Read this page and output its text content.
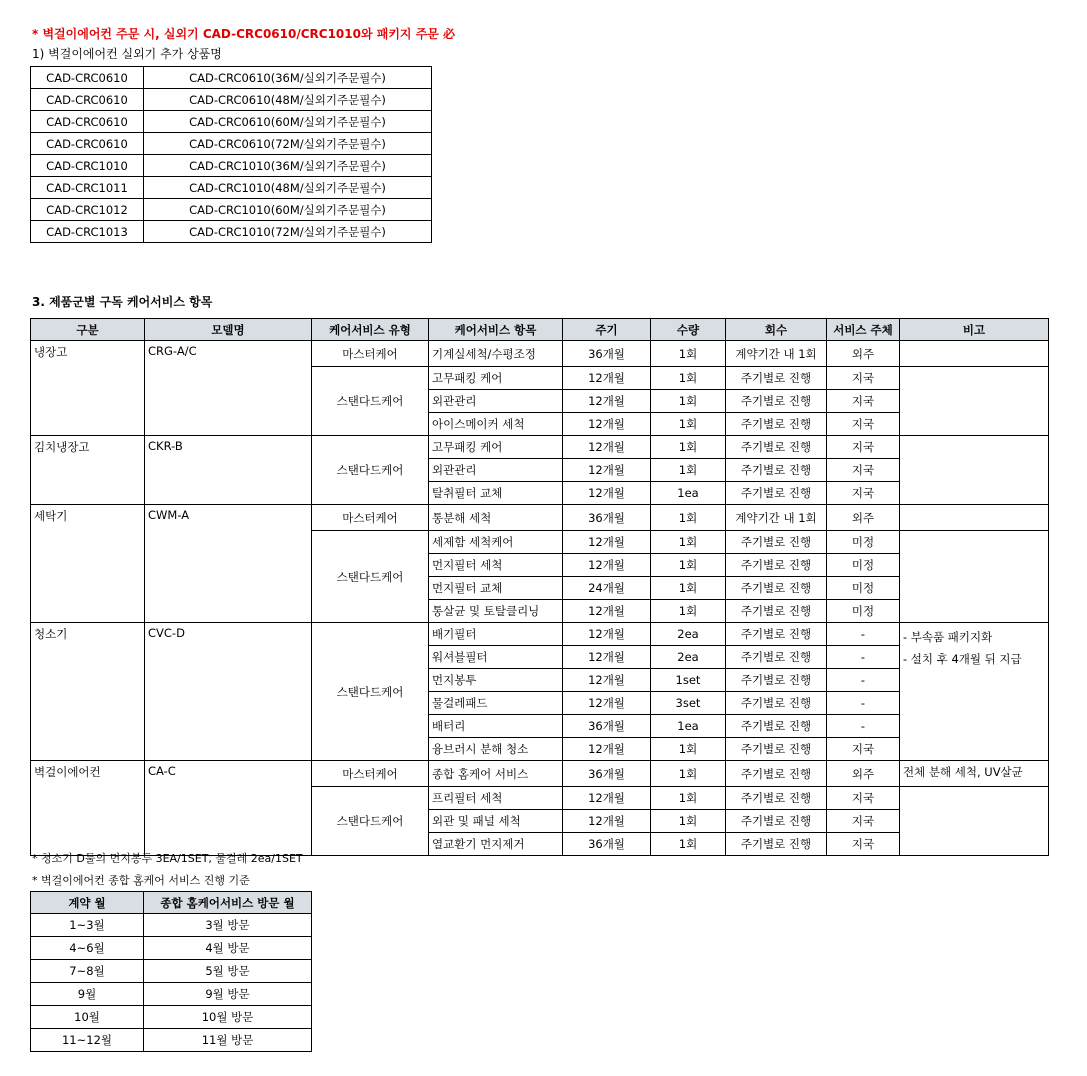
* 벽걸이에어컨 주문 시, 실외기 CAD-CRC0610/CRC1010와 패키지 주문 必
1) 벽걸이에어컨 실외기 추가 상품명
CAD-CRC0610	CAD-CRC0610(36M/실외기주문필수)
CAD-CRC0610	CAD-CRC0610(48M/실외기주문필수)
CAD-CRC0610	CAD-CRC0610(60M/실외기주문필수)
CAD-CRC0610	CAD-CRC0610(72M/실외기주문필수)
CAD-CRC1010	CAD-CRC1010(36M/실외기주문필수)
CAD-CRC1011	CAD-CRC1010(48M/실외기주문필수)
CAD-CRC1012	CAD-CRC1010(60M/실외기주문필수)
CAD-CRC1013	CAD-CRC1010(72M/실외기주문필수)
3. 제품군별 구독 케어서비스 항목
구분	모델명	케어서비스 유형	케어서비스 항목	주기	수량	회수	서비스 주체	비고
냉장고	CRG-A/C	마스터케어	기계실세척/수평조정	36개월	1회	계약기간 내 1회	외주	
		스탠다드케어	고무패킹 케어	12개월	1회	주기별로 진행	지국	
			외관관리	12개월	1회	주기별로 진행	지국	
			아이스메이커 세척	12개월	1회	주기별로 진행	지국	
김치냉장고	CKR-B	스탠다드케어	고무패킹 케어	12개월	1회	주기별로 진행	지국	
			외관관리	12개월	1회	주기별로 진행	지국	
			탈취필터 교체	12개월	1ea	주기별로 진행	지국	
세탁기	CWM-A	마스터케어	통분해 세척	36개월	1회	계약기간 내 1회	외주	
		스탠다드케어	세제함 세척케어	12개월	1회	주기별로 진행	미정	
			먼지필터 세척	12개월	1회	주기별로 진행	미정	
			먼지필터 교체	24개월	1회	주기별로 진행	미정	
			통살균 및 토탈클리닝	12개월	1회	주기별로 진행	미정	
청소기	CVC-D	스탠다드케어	배기필터	12개월	2ea	주기별로 진행	-	- 부속품 패키지화
- 설치 후 4개월 뒤 지급

			워셔블필터	12개월	2ea	주기별로 진행	-	
			먼지봉투	12개월	1set	주기별로 진행	-	
			물걸레패드	12개월	3set	주기별로 진행	-	
			배터리	36개월	1ea	주기별로 진행	-	
			융브러시 분해 청소	12개월	1회	주기별로 진행	지국	
벽걸이에어컨	CA-C	마스터케어	종합 홈케어 서비스	36개월	1회	주기별로 진행	외주	전체 분해 세척, UV살균
		스탠다드케어	프리필터 세척	12개월	1회	주기별로 진행	지국	
			외관 및 패널 세척	12개월	1회	주기별로 진행	지국	
			열교환기 먼지제거	36개월	1회	주기별로 진행	지국	
* 청소기 D툴의 먼지봉투 3EA/1SET, 물걸레 2ea/1SET
* 벽걸이에어컨 종합 홈케어 서비스 진행 기준
계약 월	종합 홈케어서비스 방문 월
1~3월	3월 방문
4~6월	4월 방문
7~8월	5월 방문
9월	9월 방문
10월	10월 방문
11~12월	11월 방문
